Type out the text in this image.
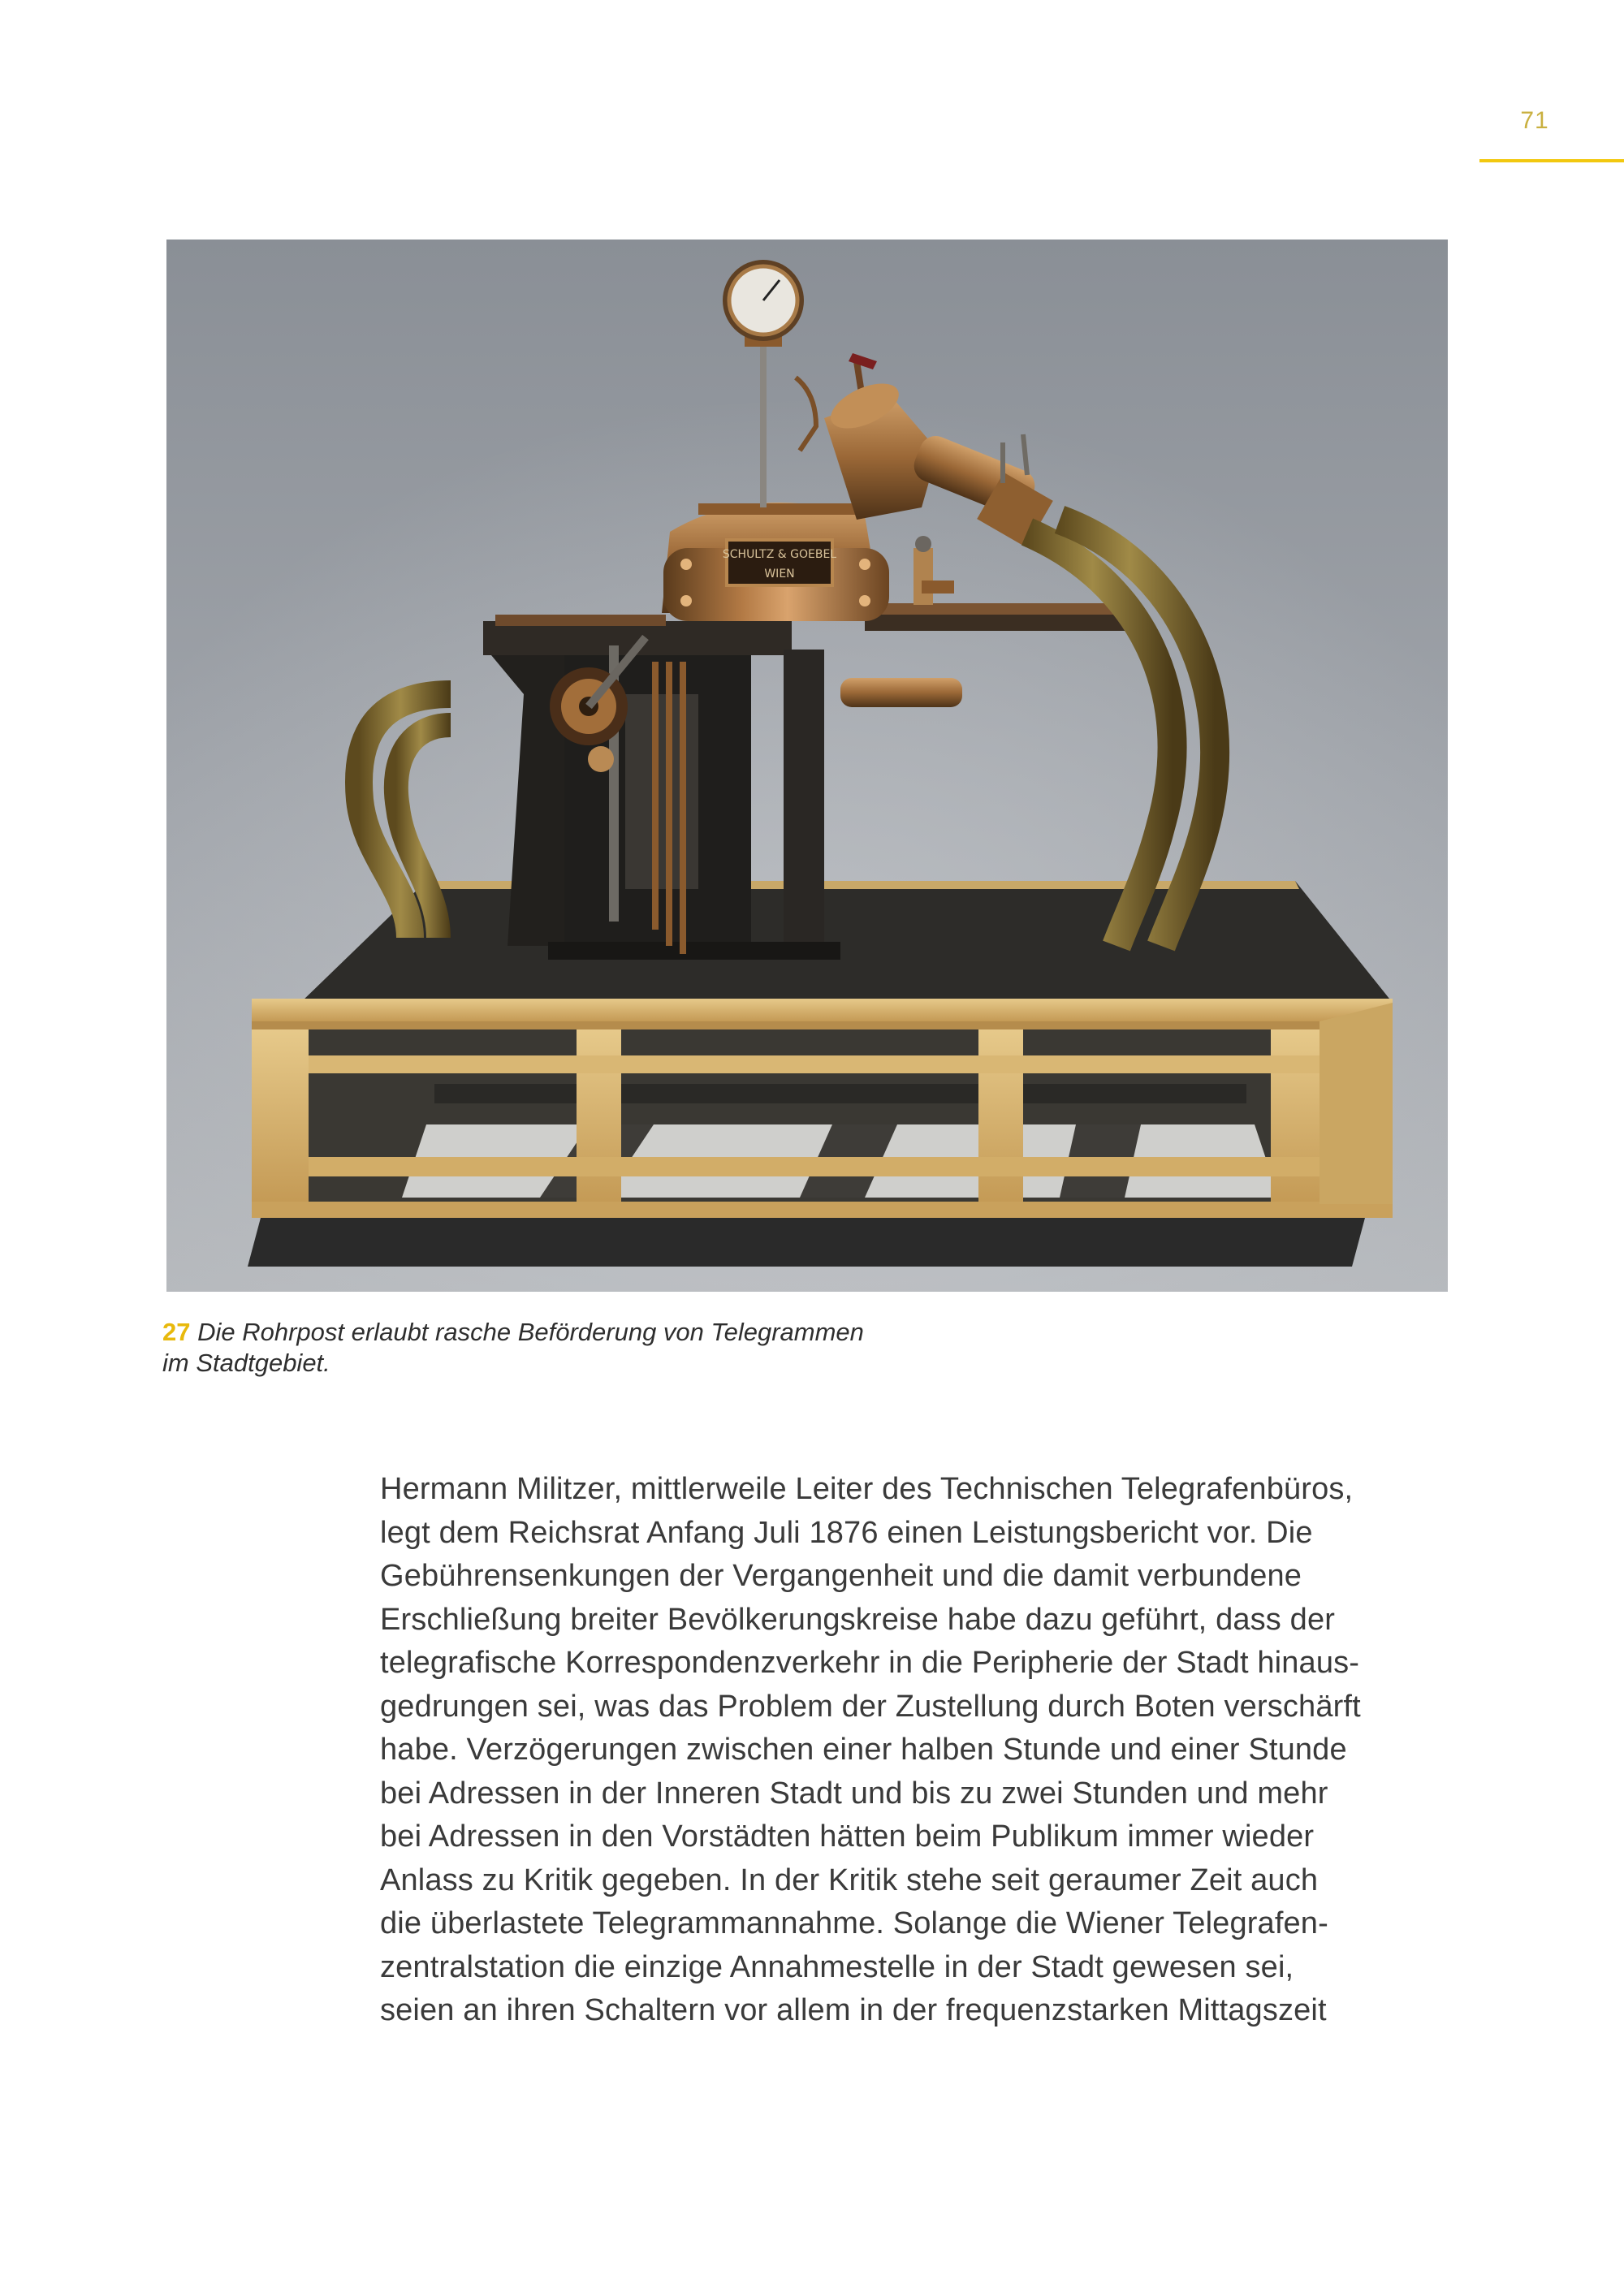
71
SCHULTZ & GOEBEL
WIEN
27 Die Rohrpost erlaubt rasche Beförderung von Telegrammen
im Stadtgebiet.
Hermann Militzer, mittlerweile Leiter des Technischen Telegrafenbüros,
legt dem Reichsrat Anfang Juli 1876 einen Leistungsbericht vor. Die
Gebührensenkungen der Vergangenheit und die damit verbundene
Erschließung breiter Bevölkerungskreise habe dazu geführt, dass der
telegrafische Korrespondenzverkehr in die Peripherie der Stadt hinaus-
gedrungen sei, was das Problem der Zustellung durch Boten verschärft
habe. Verzögerungen zwischen einer halben Stunde und einer Stunde
bei Adressen in der Inneren Stadt und bis zu zwei Stunden und mehr
bei Adressen in den Vorstädten hätten beim Publikum immer wieder
Anlass zu Kritik gegeben. In der Kritik stehe seit geraumer Zeit auch
die überlastete Telegrammannahme. Solange die Wiener Telegrafen-
zentralstation die einzige Annahmestelle in der Stadt gewesen sei,
seien an ihren Schaltern vor allem in der frequenzstarken Mittagszeit
